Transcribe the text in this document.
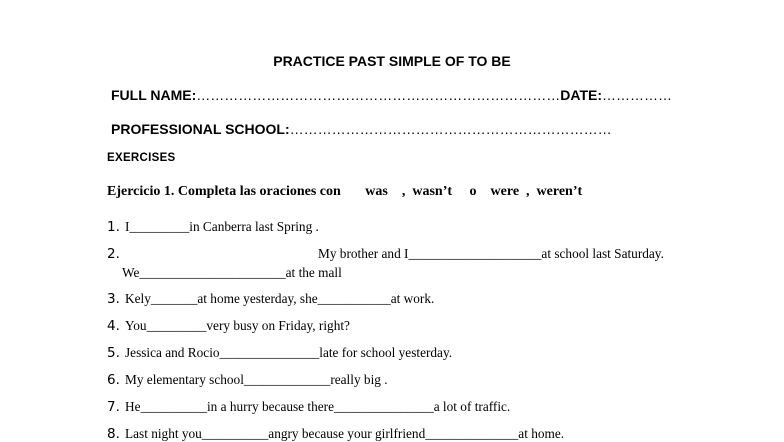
PRACTICE PAST SIMPLE OF TO BE
FULL NAME:……………………………………………………………………DATE:……………
PROFESSIONAL SCHOOL:……………………………………………………………
EXERCISES
Ejercicio 1. Completa las oraciones con       was    ,  wasn’t     o    were  ,  weren’t
1. I_________in Canberra last Spring .
2.	My brother and I____________________at school last Saturday.
We______________________at the mall
3. Kely_______at home yesterday, she___________at work.
4. You_________very busy on Friday, right?
5. Jessica and Rocio_______________late for school yesterday.
6. My elementary school_____________really big .
7. He__________in a hurry because there_______________a lot of traffic.
8. Last night you__________angry because your girlfriend______________at home.
